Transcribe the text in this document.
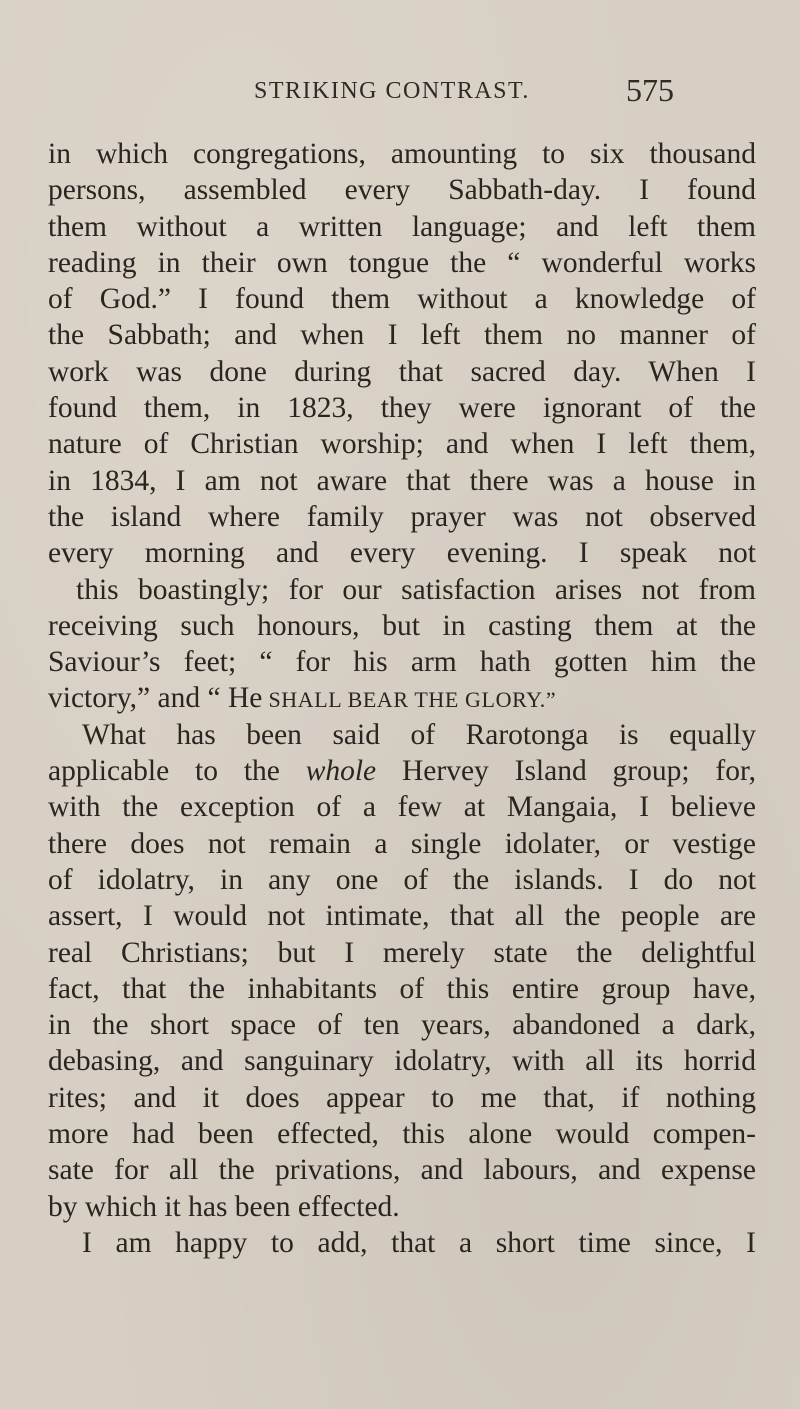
STRIKING CONTRAST.	575
in which congregations, amounting to six thousand
persons, assembled every Sabbath-day. I found
them without a written language; and left them
reading in their own tongue the “ wonderful works
of God.” I found them without a knowledge of
the Sabbath; and when I left them no manner of
work was done during that sacred day. When I
found them, in 1823, they were ignorant of the
nature of Christian worship; and when I left them,
in 1834, I am not aware that there was a house in
the island where family prayer was not observed
every morning and every evening. I speak not
this boastingly; for our satisfaction arises not from
receiving such honours, but in casting them at the
Saviour’s feet; “ for his arm hath gotten him the
victory,” and “ He SHALL BEAR THE GLORY.”
What has been said of Rarotonga is equally
applicable to the whole Hervey Island group; for,
with the exception of a few at Mangaia, I believe
there does not remain a single idolater, or vestige
of idolatry, in any one of the islands. I do not
assert, I would not intimate, that all the people are
real Christians; but I merely state the delightful
fact, that the inhabitants of this entire group have,
in the short space of ten years, abandoned a dark,
debasing, and sanguinary idolatry, with all its horrid
rites; and it does appear to me that, if nothing
more had been effected, this alone would compen-
sate for all the privations, and labours, and expense
by which it has been effected.
I am happy to add, that a short time since, I
